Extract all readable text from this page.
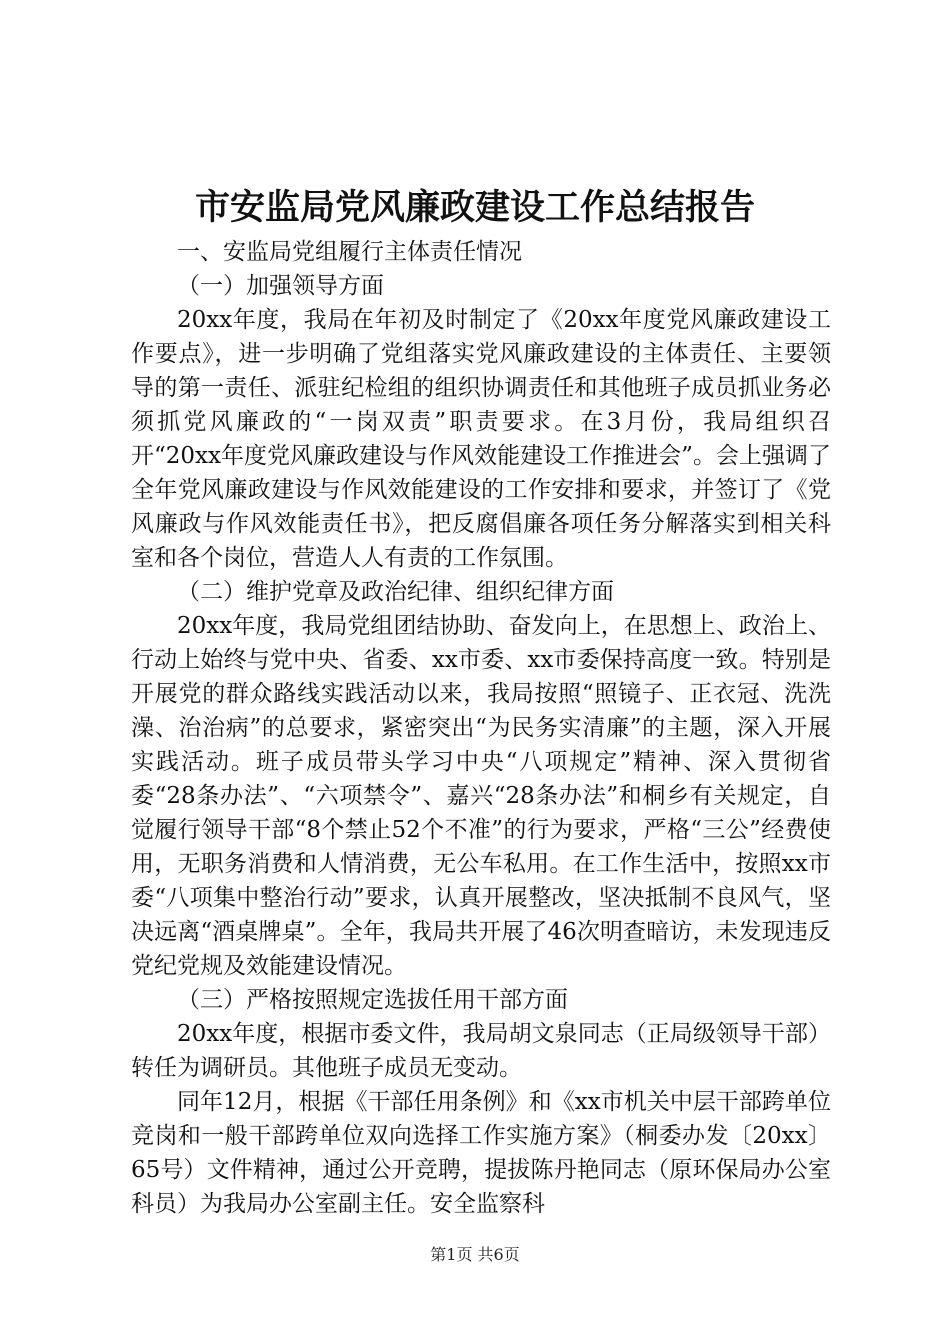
市安监局党风廉政建设工作总结报告

一、安监局党组履行主体责任情况

（一）加强领导方面

20xx年度，我局在年初及时制定了《20xx年度党风廉政建设工作要点》，进一步明确了党组落实党风廉政建设的主体责任、主要领导的第一责任、派驻纪检组的组织协调责任和其他班子成员抓业务必须抓党风廉政的“一岗双责”职责要求。在3月份，我局组织召开“20xx年度党风廉政建设与作风效能建设工作推进会”。会上强调了全年党风廉政建设与作风效能建设的工作安排和要求，并签订了《党风廉政与作风效能责任书》，把反腐倡廉各项任务分解落实到相关科室和各个岗位，营造人人有责的工作氛围。

（二）维护党章及政治纪律、组织纪律方面

20xx年度，我局党组团结协助、奋发向上，在思想上、政治上、行动上始终与党中央、省委、xx市委、xx市委保持高度一致。特别是开展党的群众路线实践活动以来，我局按照“照镜子、正衣冠、洗洗澡、治治病”的总要求，紧密突出“为民务实清廉”的主题，深入开展实践活动。班子成员带头学习中央“八项规定”精神、深入贯彻省委“28条办法”、“六项禁令”、嘉兴“28条办法”和桐乡有关规定，自觉履行领导干部“8个禁止52个不准”的行为要求，严格“三公”经费使用，无职务消费和人情消费，无公车私用。在工作生活中，按照xx市委“八项集中整治行动”要求，认真开展整改，坚决抵制不良风气，坚决远离“酒桌牌桌”。全年，我局共开展了46次明查暗访，未发现违反党纪党规及效能建设情况。

（三）严格按照规定选拔任用干部方面

20xx年度，根据市委文件，我局胡文泉同志（正局级领导干部）转任为调研员。其他班子成员无变动。

同年12月，根据《干部任用条例》和《xx市机关中层干部跨单位竞岗和一般干部跨单位双向选择工作实施方案》（桐委办发〔20xx〕65号）文件精神，通过公开竞聘，提拔陈丹艳同志（原环保局办公室科员）为我局办公室副主任。安全监察科

第1页 共6页
